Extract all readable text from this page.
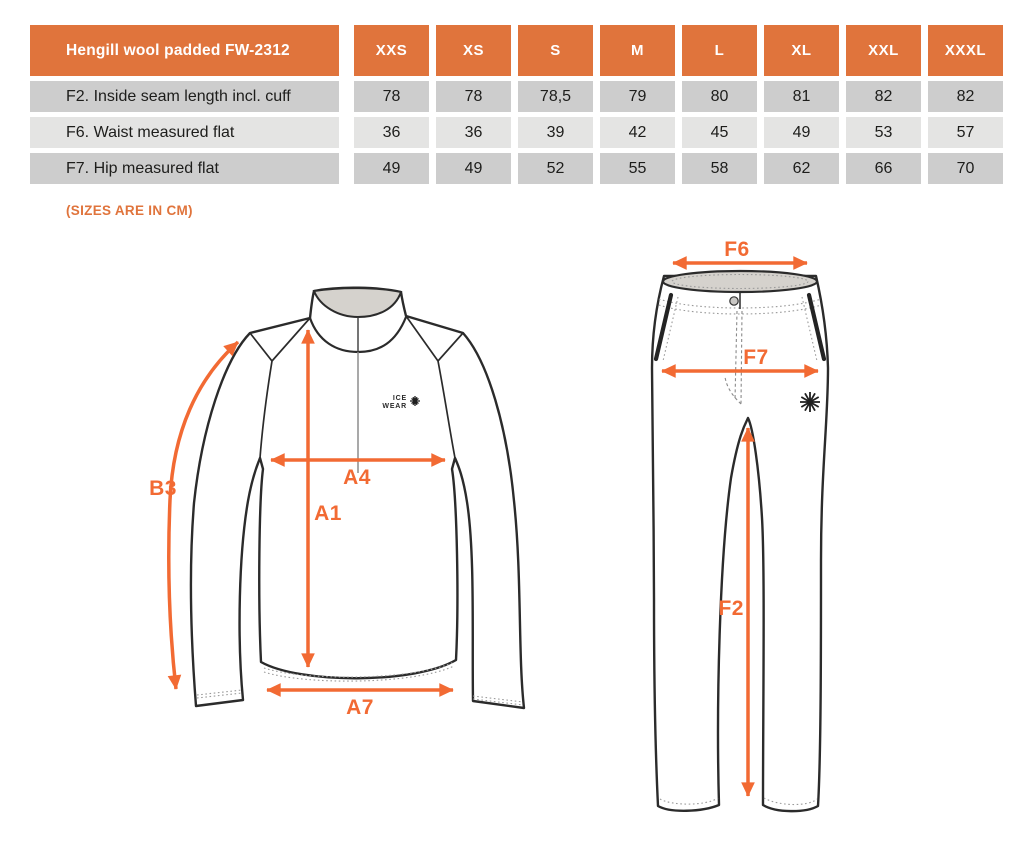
Hengill wool padded FW-2312	XXS	XS	S	M	L	XL	XXL	XXXL
F2. Inside seam length incl. cuff	78	78	78,5	79	80	81	82	82
F6. Waist measured flat	36	36	39	42	45	49	53	57
F7. Hip measured flat	49	49	52	55	58	62	66	70
(SIZES ARE IN CM)
ICE
WEAR
B3	A4
A1
A7
F6
F7
F2
